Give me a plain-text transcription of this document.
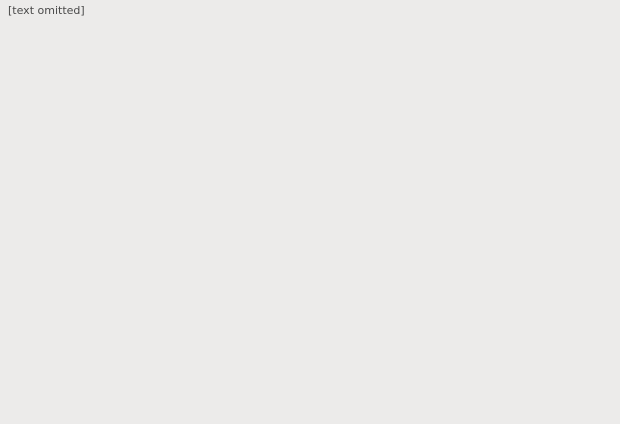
[text omitted]
